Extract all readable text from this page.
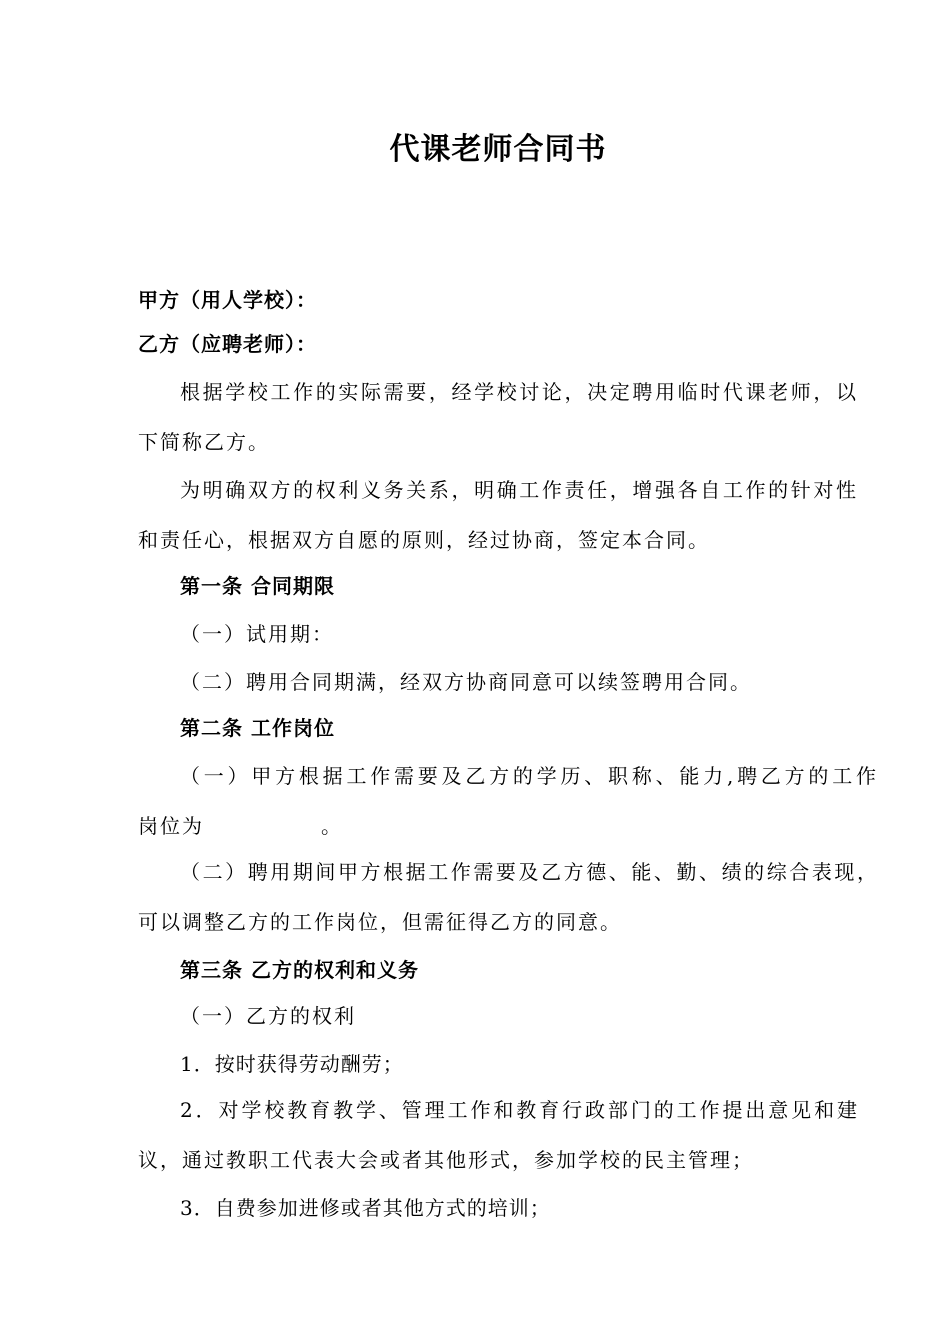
代课老师合同书
甲方（用人学校）：
乙方（应聘老师）：
根据学校工作的实际需要，经学校讨论，决定聘用临时代课老师，以
下简称乙方。
为明确双方的权利义务关系，明确工作责任，增强各自工作的针对性
和责任心，根据双方自愿的原则，经过协商，签定本合同。
第一条 合同期限
（一）试用期：
（二）聘用合同期满，经双方协商同意可以续签聘用合同。
第二条 工作岗位
（一）甲方根据工作需要及乙方的学历、职称、能力,聘乙方的工作
岗位为              。
（二）聘用期间甲方根据工作需要及乙方德、能、勤、绩的综合表现，
可以调整乙方的工作岗位，但需征得乙方的同意。
第三条 乙方的权利和义务
（一）乙方的权利
1．按时获得劳动酬劳；
2．对学校教育教学、管理工作和教育行政部门的工作提出意见和建
议，通过教职工代表大会或者其他形式，参加学校的民主管理；
3．自费参加进修或者其他方式的培训；
